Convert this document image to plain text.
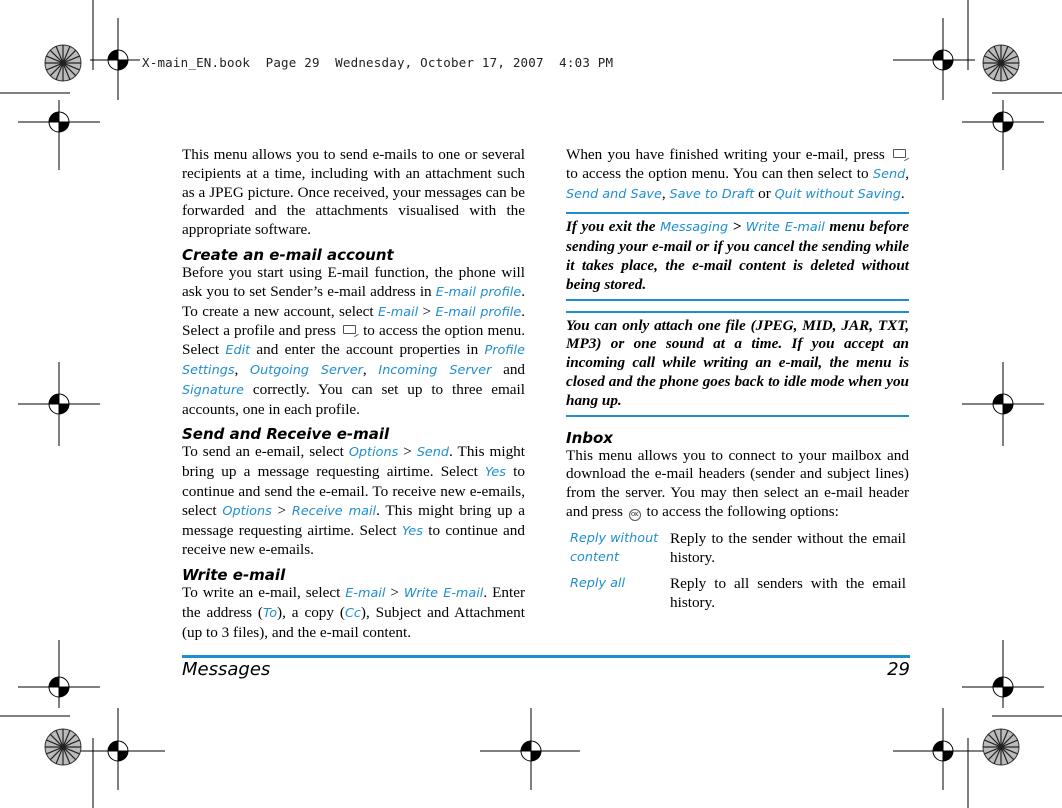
X-main_EN.book  Page 29  Wednesday, October 17, 2007  4:03 PM

This menu allows you to send e-mails to one or several recipients at a time, including with an attachment such as a JPEG picture. Once received, your messages can be forwarded and the attachments visualised with the appropriate software.

Create an e-mail account

Before you start using E-mail function, the phone will ask you to set Sender’s e-mail address in E-mail profile. To create a new account, select E-mail > E-mail profile. Select a profile and press  to access the option menu. Select Edit and enter the account properties in Profile Settings, Outgoing Server, Incoming Server and Signature correctly. You can set up to three email accounts, one in each profile.

Send and Receive e-mail

To send an e-email, select Options > Send. This might bring up a message requesting airtime. Select Yes to continue and send the e-email. To receive new e-emails, select Options > Receive mail. This might bring up a message requesting airtime. Select Yes to continue and receive new e-emails.

Write e-mail

To write an e-mail, select E-mail > Write E-mail. Enter the address (To), a copy (Cc), Subject and Attachment (up to 3 files), and the e-mail content.

When you have finished writing your e-mail, press  to access the option menu. You can then select to Send, Send and Save, Save to Draft or Quit without Saving.

If you exit the Messaging > Write E-mail menu before sending your e-mail or if you cancel the sending while it takes place, the e-mail content is deleted without being stored.

You can only attach one file (JPEG, MID, JAR, TXT, MP3) or one sound at a time. If you accept an incoming call while writing an e-mail, the menu is closed and the phone goes back to idle mode when you hang up.

Inbox

This menu allows you to connect to your mailbox and download the e-mail headers (sender and subject lines) from the server. You may then select an e-mail header and press OK to access the following options:

Reply without content
Reply to the sender without the email history.
Reply all	Reply to all senders with the email history.
Messages	29
